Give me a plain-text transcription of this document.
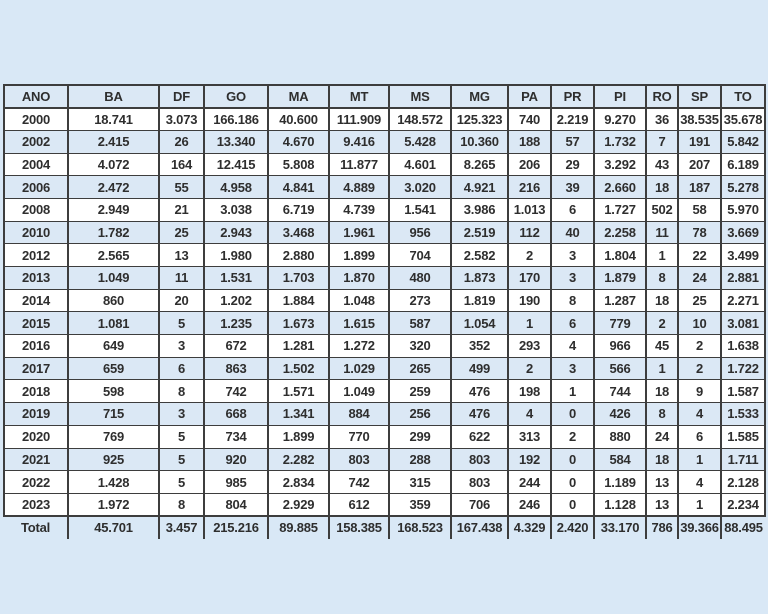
ANO	BA	DF	GO	MA	MT	MS	MG	PA	PR	PI	RO	SP	TO
2000	18.741	3.073	166.186	40.600	111.909	148.572	125.323	740	2.219	9.270	36	38.535	35.678
2002	2.415	26	13.340	4.670	9.416	5.428	10.360	188	57	1.732	7	191	5.842
2004	4.072	164	12.415	5.808	11.877	4.601	8.265	206	29	3.292	43	207	6.189
2006	2.472	55	4.958	4.841	4.889	3.020	4.921	216	39	2.660	18	187	5.278
2008	2.949	21	3.038	6.719	4.739	1.541	3.986	1.013	6	1.727	502	58	5.970
2010	1.782	25	2.943	3.468	1.961	956	2.519	112	40	2.258	11	78	3.669
2012	2.565	13	1.980	2.880	1.899	704	2.582	2	3	1.804	1	22	3.499
2013	1.049	11	1.531	1.703	1.870	480	1.873	170	3	1.879	8	24	2.881
2014	860	20	1.202	1.884	1.048	273	1.819	190	8	1.287	18	25	2.271
2015	1.081	5	1.235	1.673	1.615	587	1.054	1	6	779	2	10	3.081
2016	649	3	672	1.281	1.272	320	352	293	4	966	45	2	1.638
2017	659	6	863	1.502	1.029	265	499	2	3	566	1	2	1.722
2018	598	8	742	1.571	1.049	259	476	198	1	744	18	9	1.587
2019	715	3	668	1.341	884	256	476	4	0	426	8	4	1.533
2020	769	5	734	1.899	770	299	622	313	2	880	24	6	1.585
2021	925	5	920	2.282	803	288	803	192	0	584	18	1	1.711
2022	1.428	5	985	2.834	742	315	803	244	0	1.189	13	4	2.128
2023	1.972	8	804	2.929	612	359	706	246	0	1.128	13	1	2.234
Total	45.701	3.457	215.216	89.885	158.385	168.523	167.438	4.329	2.420	33.170	786	39.366	88.495
